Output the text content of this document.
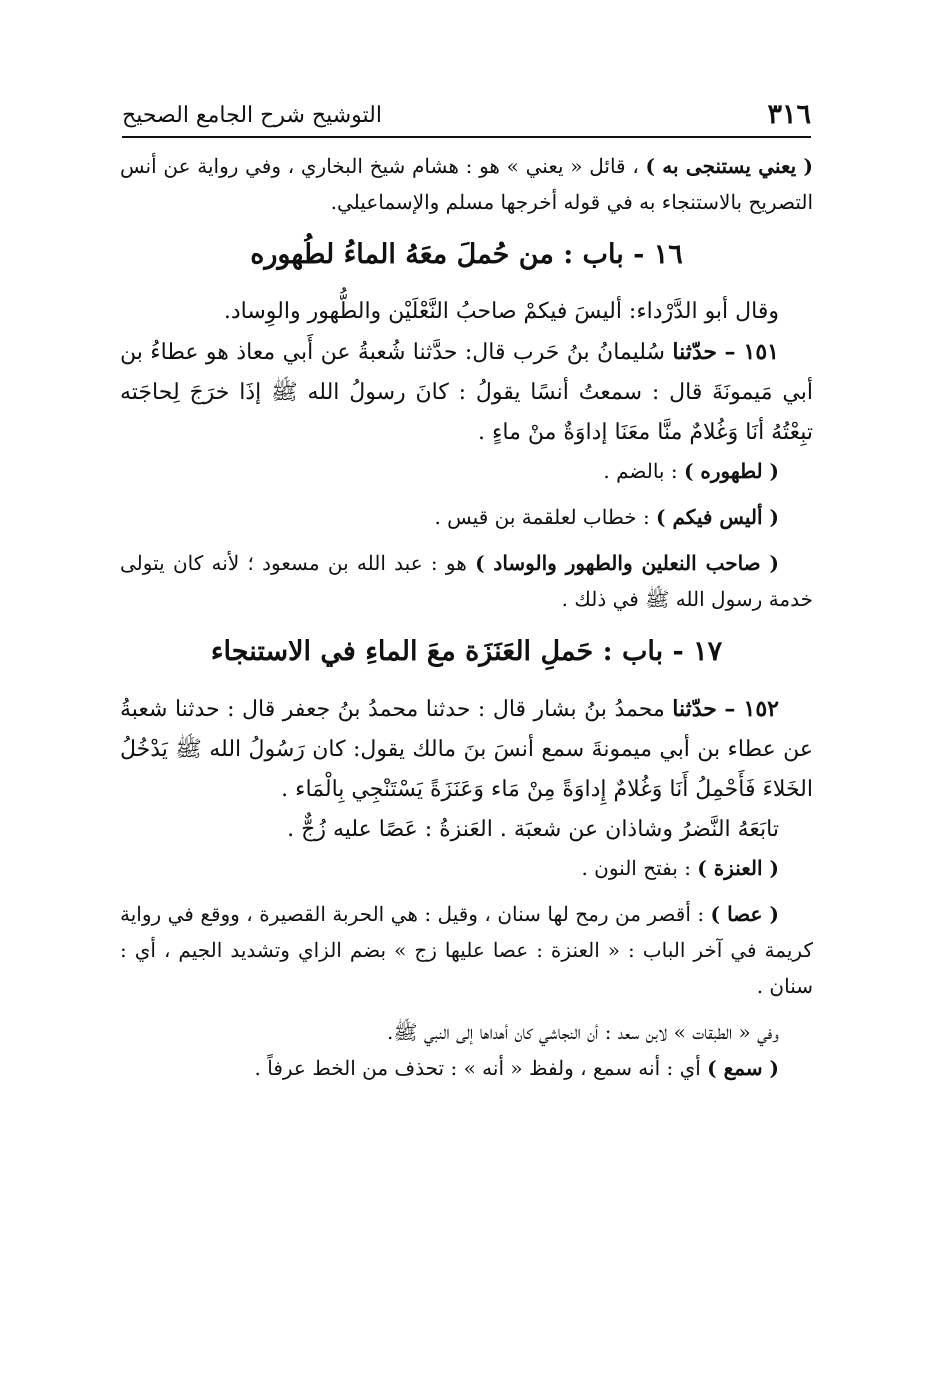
٣١٦
التوشيح شرح الجامع الصحيح

( يعني يستنجى به ) ، قائل « يعني » هو : هشام شيخ البخاري ، وفي رواية عن أنس التصريح بالاستنجاء به في قوله أخرجها مسلم والإسماعيلي.

١٦ - باب : من حُملَ معَهُ الماءُ لطُهوره

وقال أبو الدَّرْداء: أليسَ فيكمْ صاحبُ النَّعْلَيْن والطُّهور والوِساد.

١٥١ – حدّثنا سُليمانُ بنُ حَرب قال: حدَّثنا شُعبةُ عن أَبي معاذ هو عطاءُ بن أبي مَيمونَةَ قال : سمعتُ أنسًا يقولُ : كانَ رسولُ الله ﷺ إذَا خرَجَ لِحاجَته تبِعْتُهُ أنَا وَغُلامٌ منَّا معَنَا إداوَةٌ منْ ماءٍ .

( لطهوره ) : بالضم .

( أليس فيكم ) : خطاب لعلقمة بن قيس .

( صاحب النعلين والطهور والوساد ) هو : عبد الله بن مسعود ؛ لأنه كان يتولى خدمة رسول الله ﷺ في ذلك .

١٧ - باب : حَملِ العَنَزَة معَ الماءِ في الاستنجاء

١٥٢ – حدّثنا محمدُ بنُ بشار قال : حدثنا محمدُ بنُ جعفر قال : حدثنا شعبةُ عن عطاء بن أبي ميمونةَ سمع أنسَ بنَ مالك يقول: كان رَسُولُ الله ﷺ يَدْخُلُ الخَلاءَ فَأَحْمِلُ أَنَا وَغُلامٌ إِداوَةً مِنْ مَاء وَعَنَزَةً يَسْتَنْجِي بِالْمَاء .

تابَعَهُ النَّضرُ وشاذان عن شعبَة . العَنزةُ : عَصًا عليه زُجٌّ .

( العنزة ) : بفتح النون .

( عصا ) : أقصر من رمح لها سنان ، وقيل : هي الحربة القصيرة ، ووقع في رواية كريمة في آخر الباب : « العنزة : عصا عليها زج » بضم الزاي وتشديد الجيم ، أي : سنان .

وفي « الطبقات » لابن سعد : أن النجاشي كان أهداها إلى النبي ﷺ.

( سمع ) أي : أنه سمع ، ولفظ « أنه » : تحذف من الخط عرفاً .
